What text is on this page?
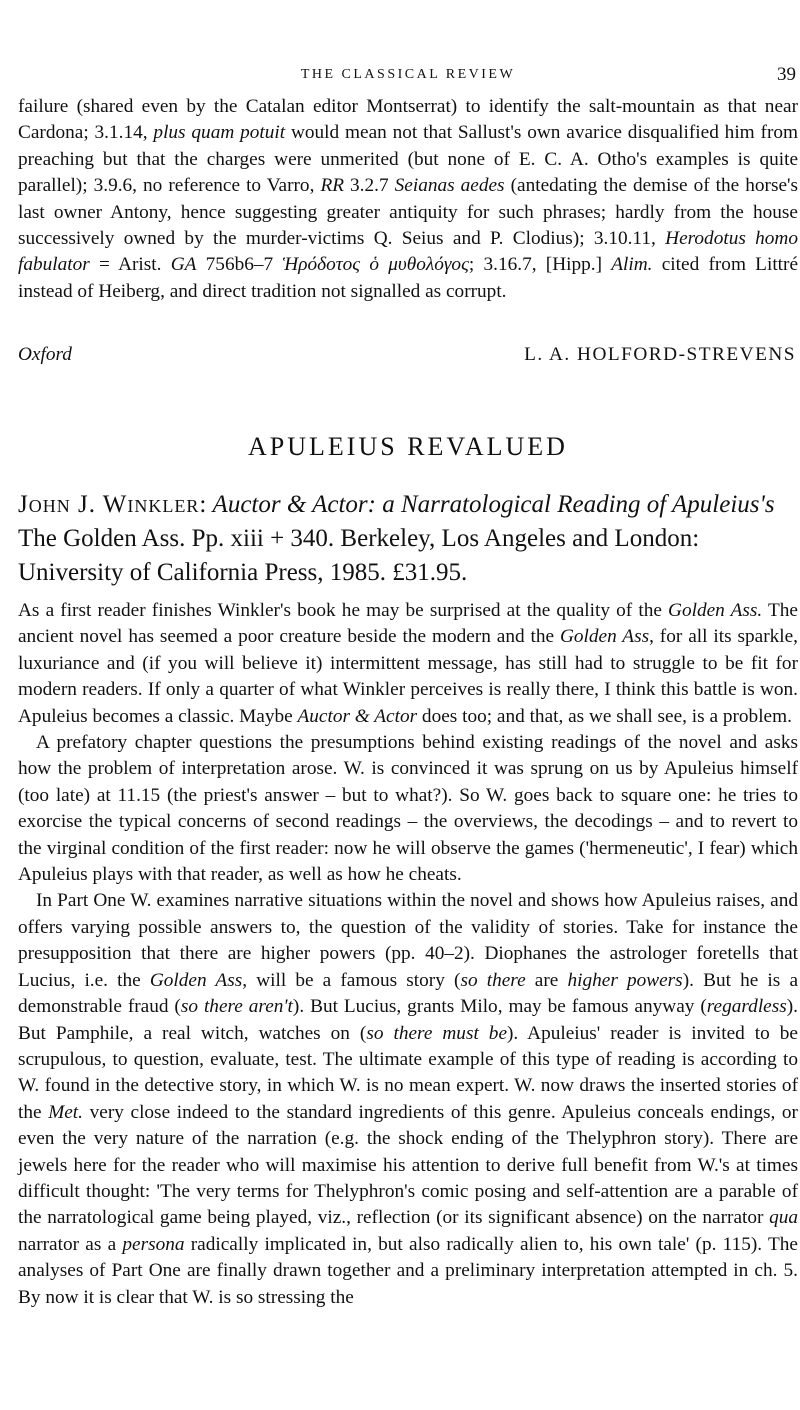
THE CLASSICAL REVIEW	39

failure (shared even by the Catalan editor Montserrat) to identify the salt-mountain as that near Cardona; 3.1.14, plus quam potuit would mean not that Sallust's own avarice disqualified him from preaching but that the charges were unmerited (but none of E. C. A. Otho's examples is quite parallel); 3.9.6, no reference to Varro, RR 3.2.7 Seianas aedes (antedating the demise of the horse's last owner Antony, hence suggesting greater antiquity for such phrases; hardly from the house successively owned by the murder-victims Q. Seius and P. Clodius); 3.10.11, Herodotus homo fabulator = Arist. GA 756b6–7 Ἡρόδοτος ὁ μυθολόγος; 3.16.7, [Hipp.] Alim. cited from Littré instead of Heiberg, and direct tradition not signalled as corrupt.

Oxford	L. A. HOLFORD-STREVENS
APULEIUS REVALUED
John J. Winkler: Auctor & Actor: a Narratological Reading of Apuleius's The Golden Ass. Pp. xiii + 340. Berkeley, Los Angeles and London: University of California Press, 1985. £31.95.

As a first reader finishes Winkler's book he may be surprised at the quality of the Golden Ass. The ancient novel has seemed a poor creature beside the modern and the Golden Ass, for all its sparkle, luxuriance and (if you will believe it) intermittent message, has still had to struggle to be fit for modern readers. If only a quarter of what Winkler perceives is really there, I think this battle is won. Apuleius becomes a classic. Maybe Auctor & Actor does too; and that, as we shall see, is a problem.

A prefatory chapter questions the presumptions behind existing readings of the novel and asks how the problem of interpretation arose. W. is convinced it was sprung on us by Apuleius himself (too late) at 11.15 (the priest's answer – but to what?). So W. goes back to square one: he tries to exorcise the typical concerns of second readings – the overviews, the decodings – and to revert to the virginal condition of the first reader: now he will observe the games ('hermeneutic', I fear) which Apuleius plays with that reader, as well as how he cheats.

In Part One W. examines narrative situations within the novel and shows how Apuleius raises, and offers varying possible answers to, the question of the validity of stories. Take for instance the presupposition that there are higher powers (pp. 40–2). Diophanes the astrologer foretells that Lucius, i.e. the Golden Ass, will be a famous story (so there are higher powers). But he is a demonstrable fraud (so there aren't). But Lucius, grants Milo, may be famous anyway (regardless). But Pamphile, a real witch, watches on (so there must be). Apuleius' reader is invited to be scrupulous, to question, evaluate, test. The ultimate example of this type of reading is according to W. found in the detective story, in which W. is no mean expert. W. now draws the inserted stories of the Met. very close indeed to the standard ingredients of this genre. Apuleius conceals endings, or even the very nature of the narration (e.g. the shock ending of the Thelyphron story). There are jewels here for the reader who will maximise his attention to derive full benefit from W.'s at times difficult thought: 'The very terms for Thelyphron's comic posing and self-attention are a parable of the narratological game being played, viz., reflection (or its significant absence) on the narrator qua narrator as a persona radically implicated in, but also radically alien to, his own tale' (p. 115). The analyses of Part One are finally drawn together and a preliminary interpretation attempted in ch. 5. By now it is clear that W. is so stressing the
